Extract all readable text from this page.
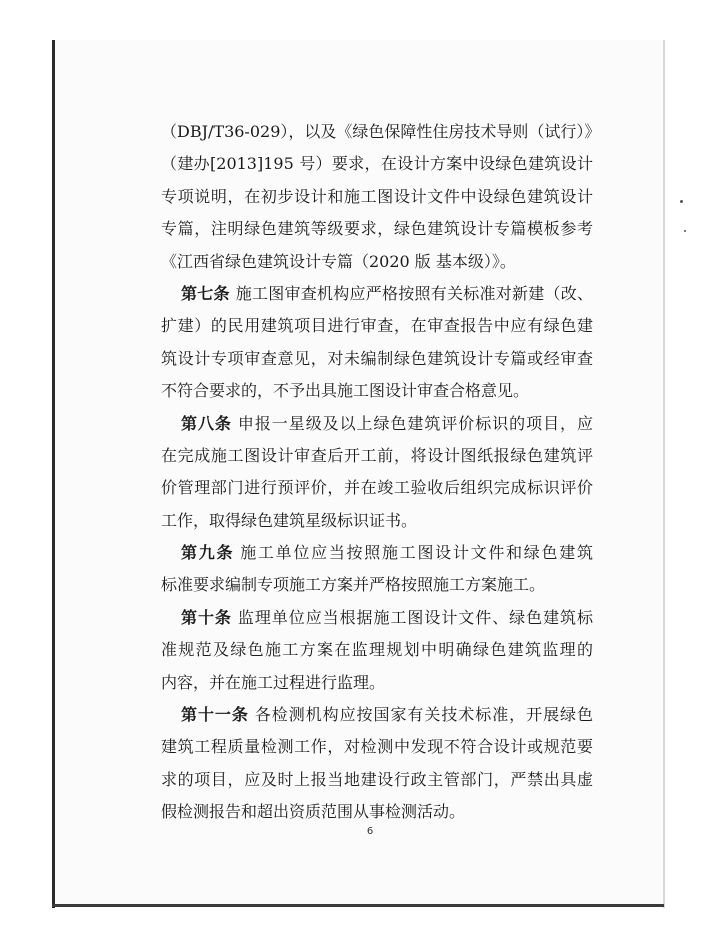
（DBJ/T36-029），以及《绿色保障性住房技术导则（试行）》
（建办[2013]195 号）要求，在设计方案中设绿色建筑设计
专项说明，在初步设计和施工图设计文件中设绿色建筑设计
专篇，注明绿色建筑等级要求，绿色建筑设计专篇模板参考
《江西省绿色建筑设计专篇（2020 版 基本级）》。
第七条 施工图审查机构应严格按照有关标准对新建（改、
扩建）的民用建筑项目进行审查，在审查报告中应有绿色建
筑设计专项审查意见，对未编制绿色建筑设计专篇或经审查
不符合要求的，不予出具施工图设计审查合格意见。
第八条 申报一星级及以上绿色建筑评价标识的项目，应
在完成施工图设计审查后开工前，将设计图纸报绿色建筑评
价管理部门进行预评价，并在竣工验收后组织完成标识评价
工作，取得绿色建筑星级标识证书。
第九条 施工单位应当按照施工图设计文件和绿色建筑
标准要求编制专项施工方案并严格按照施工方案施工。
第十条 监理单位应当根据施工图设计文件、绿色建筑标
准规范及绿色施工方案在监理规划中明确绿色建筑监理的
内容，并在施工过程进行监理。
第十一条 各检测机构应按国家有关技术标准，开展绿色
建筑工程质量检测工作，对检测中发现不符合设计或规范要
求的项目，应及时上报当地建设行政主管部门，严禁出具虚
假检测报告和超出资质范围从事检测活动。
6
